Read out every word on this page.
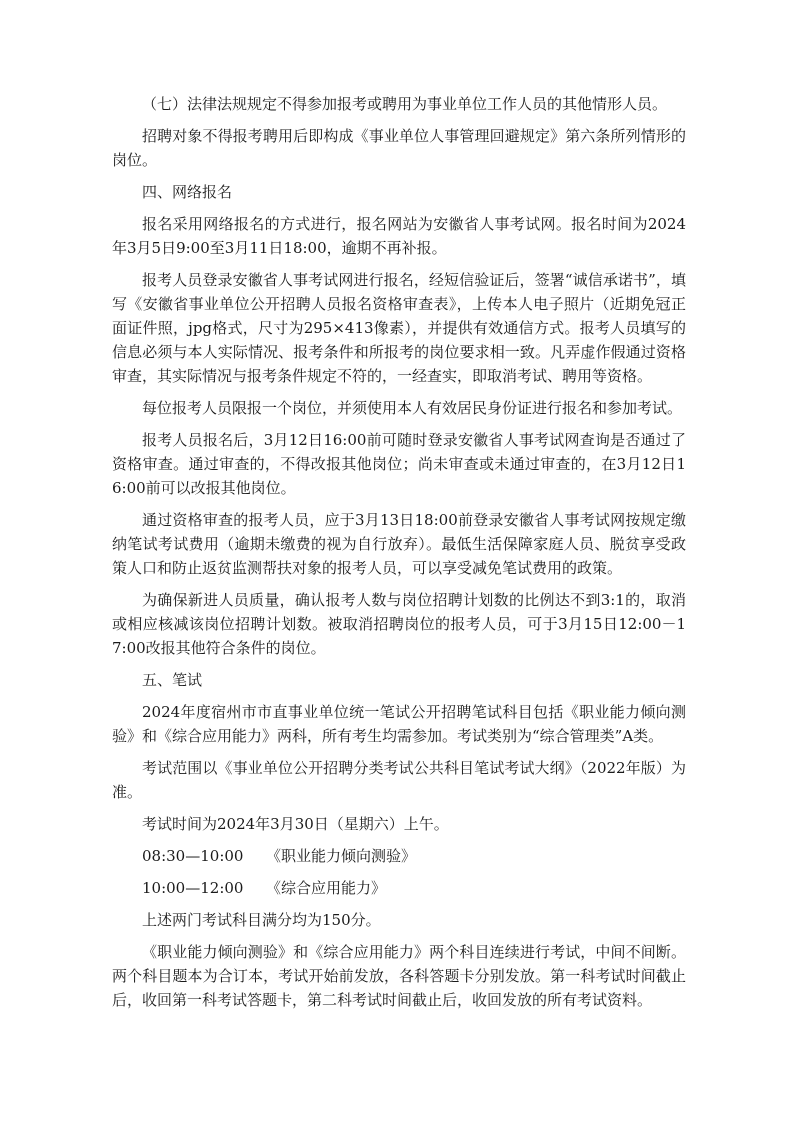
（七）法律法规规定不得参加报考或聘用为事业单位工作人员的其他情形人员。

招聘对象不得报考聘用后即构成《事业单位人事管理回避规定》第六条所列情形的岗位。

四、网络报名

报名采用网络报名的方式进行，报名网站为安徽省人事考试网。报名时间为2024年3月5日9:00至3月11日18:00，逾期不再补报。

报考人员登录安徽省人事考试网进行报名，经短信验证后，签署“诚信承诺书”，填写《安徽省事业单位公开招聘人员报名资格审查表》，上传本人电子照片（近期免冠正面证件照，jpg格式，尺寸为295×413像素），并提供有效通信方式。报考人员填写的信息必须与本人实际情况、报考条件和所报考的岗位要求相一致。凡弄虚作假通过资格审查，其实际情况与报考条件规定不符的，一经查实，即取消考试、聘用等资格。

每位报考人员限报一个岗位，并须使用本人有效居民身份证进行报名和参加考试。

报考人员报名后，3月12日16:00前可随时登录安徽省人事考试网查询是否通过了资格审查。通过审查的，不得改报其他岗位；尚未审查或未通过审查的，在3月12日16:00前可以改报其他岗位。

通过资格审查的报考人员，应于3月13日18:00前登录安徽省人事考试网按规定缴纳笔试考试费用（逾期未缴费的视为自行放弃）。最低生活保障家庭人员、脱贫享受政策人口和防止返贫监测帮扶对象的报考人员，可以享受减免笔试费用的政策。

为确保新进人员质量，确认报考人数与岗位招聘计划数的比例达不到3:1的，取消或相应核减该岗位招聘计划数。被取消招聘岗位的报考人员，可于3月15日12:00－17:00改报其他符合条件的岗位。

五、笔试

2024年度宿州市市直事业单位统一笔试公开招聘笔试科目包括《职业能力倾向测验》和《综合应用能力》两科，所有考生均需参加。考试类别为“综合管理类”A类。

考试范围以《事业单位公开招聘分类考试公共科目笔试考试大纲》（2022年版）为准。

考试时间为2024年3月30日（星期六）上午。

08:30—10:00 《职业能力倾向测验》
10:00—12:00 《综合应用能力》

上述两门考试科目满分均为150分。

《职业能力倾向测验》和《综合应用能力》两个科目连续进行考试，中间不间断。两个科目题本为合订本，考试开始前发放，各科答题卡分别发放。第一科考试时间截止后，收回第一科考试答题卡，第二科考试时间截止后，收回发放的所有考试资料。
